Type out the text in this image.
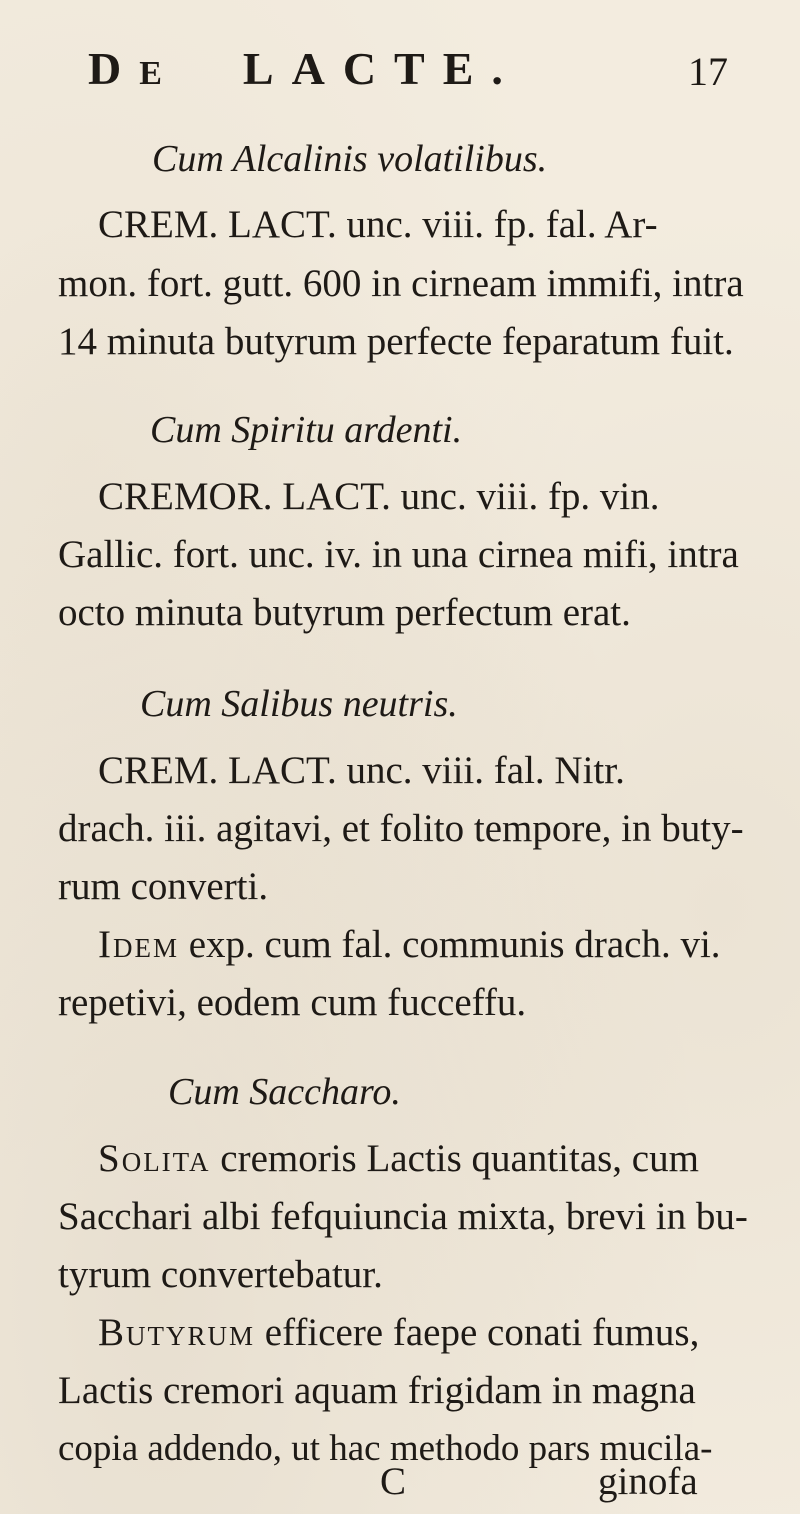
DE LACTE.	17
Cum Alcalinis volatilibus.
CREM. LACT. unc. viii. fp. fal. Ar-
mon. fort. gutt. 600 in cirneam immifi, intra
14 minuta butyrum perfecte feparatum fuit.
Cum Spiritu ardenti.
CREMOR. LACT. unc. viii. fp. vin.
Gallic. fort. unc. iv. in una cirnea mifi, intra
octo minuta butyrum perfectum erat.
Cum Salibus neutris.
CREM. LACT. unc. viii. fal. Nitr.
drach. iii. agitavi, et folito tempore, in buty-
rum converti.
Idem exp. cum fal. communis drach. vi.
repetivi, eodem cum fucceffu.
Cum Saccharo.
Solita cremoris Lactis quantitas, cum
Sacchari albi fefquiuncia mixta, brevi in bu-
tyrum convertebatur.
Butyrum efficere faepe conati fumus,
Lactis cremori aquam frigidam in magna
copia addendo, ut hac methodo pars mucila-
C	ginofa
